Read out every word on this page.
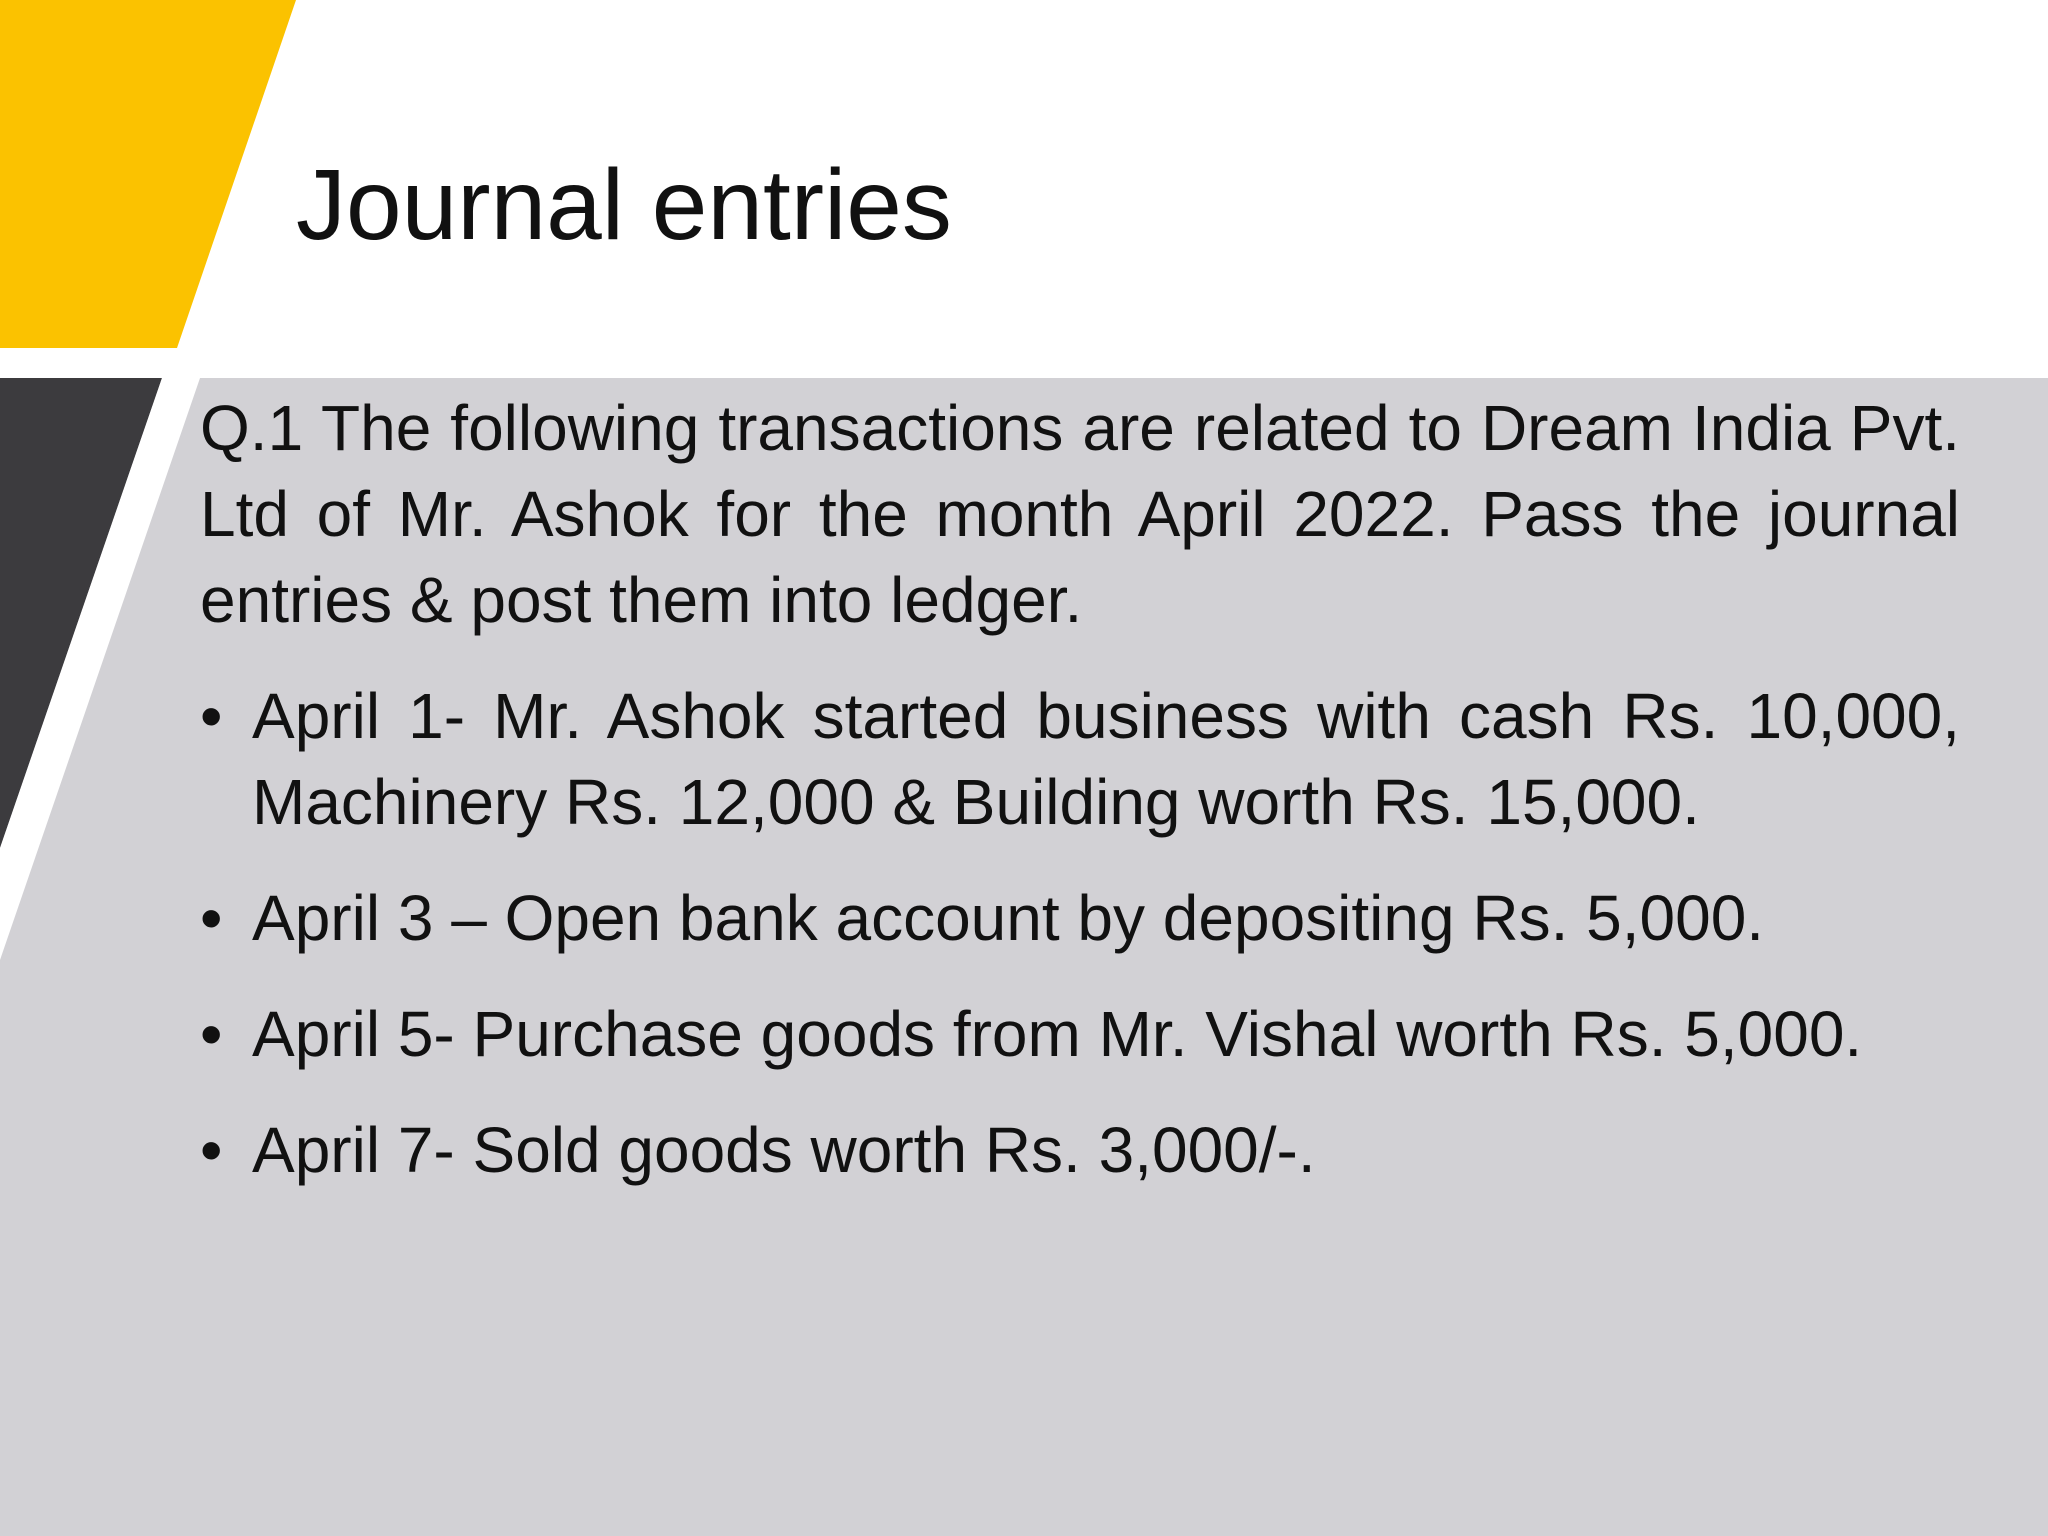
Journal entries

Q.1 The following transactions are related to Dream India Pvt. Ltd of Mr. Ashok for the month April 2022. Pass the journal entries & post them into ledger.

• April 1- Mr. Ashok started business with cash Rs. 10,000, Machinery Rs. 12,000 & Building worth Rs. 15,000.
• April 3 – Open bank account by depositing Rs. 5,000.
• April 5- Purchase goods from Mr. Vishal worth Rs. 5,000.
• April 7- Sold goods worth Rs. 3,000/-.
